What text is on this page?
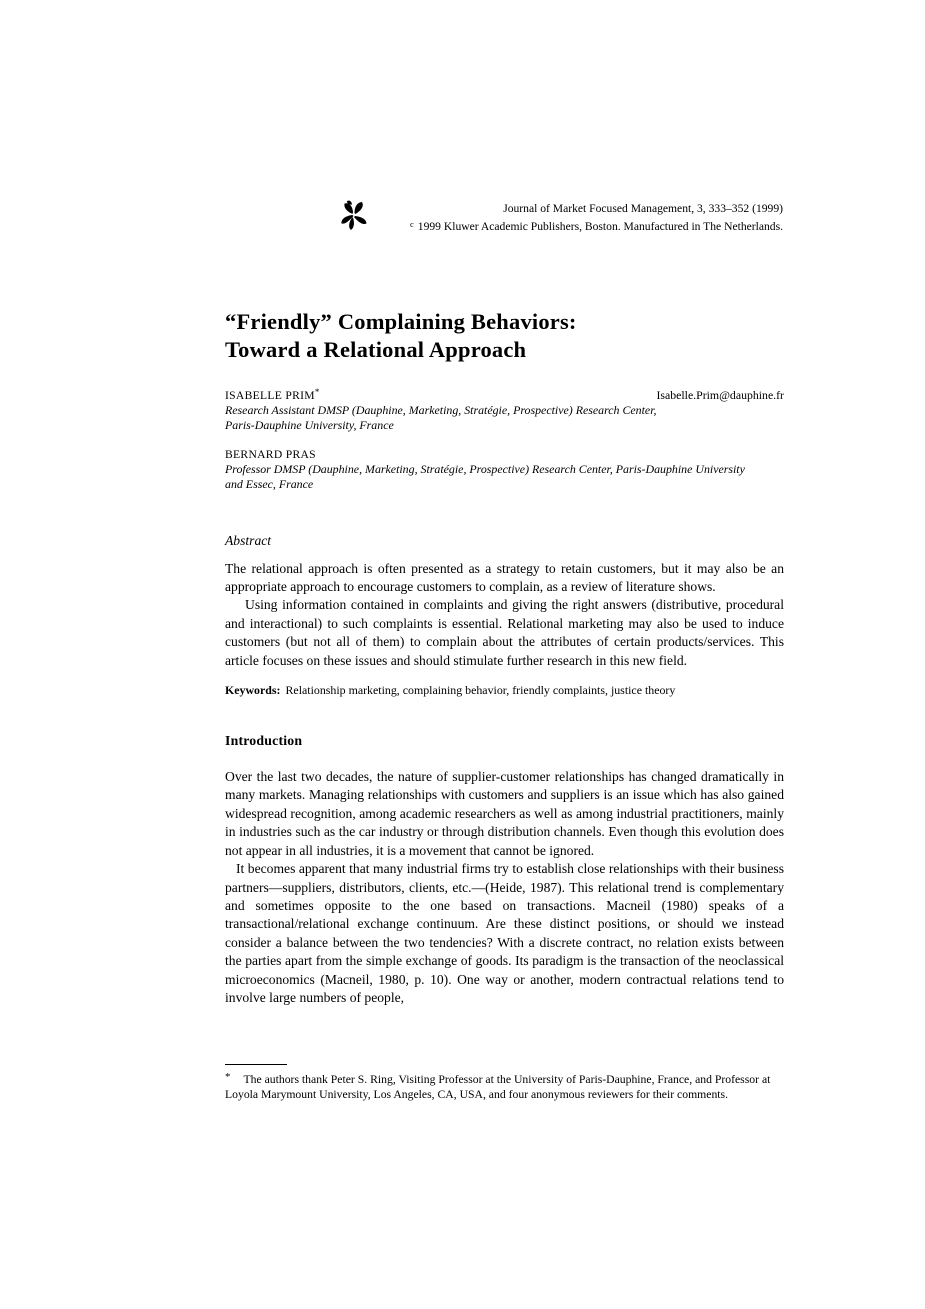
Journal of Market Focused Management, 3, 333–352 (1999)
$^c$ 1999 Kluwer Academic Publishers, Boston. Manufactured in The Netherlands.
“Friendly” Complaining Behaviors:
Toward a Relational Approach
ISABELLE PRIM*	Isabelle.Prim@dauphine.fr
Research Assistant DMSP (Dauphine, Marketing, Stratégie, Prospective) Research Center,
Paris-Dauphine University, France
BERNARD PRAS
Professor DMSP (Dauphine, Marketing, Stratégie, Prospective) Research Center, Paris-Dauphine University
and Essec, France
Abstract

The relational approach is often presented as a strategy to retain customers, but it may also be an appropriate approach to encourage customers to complain, as a review of literature shows.

Using information contained in complaints and giving the right answers (distributive, procedural and interactional) to such complaints is essential. Relational marketing may also be used to induce customers (but not all of them) to complain about the attributes of certain products/services. This article focuses on these issues and should stimulate further research in this new field.

Keywords: Relationship marketing, complaining behavior, friendly complaints, justice theory
Introduction

Over the last two decades, the nature of supplier-customer relationships has changed dramatically in many markets. Managing relationships with customers and suppliers is an issue which has also gained widespread recognition, among academic researchers as well as among industrial practitioners, mainly in industries such as the car industry or through distribution channels. Even though this evolution does not appear in all industries, it is a movement that cannot be ignored.

It becomes apparent that many industrial firms try to establish close relationships with their business partners—suppliers, distributors, clients, etc.—(Heide, 1987). This relational trend is complementary and sometimes opposite to the one based on transactions. Macneil (1980) speaks of a transactional/relational exchange continuum. Are these distinct positions, or should we instead consider a balance between the two tendencies? With a discrete contract, no relation exists between the parties apart from the simple exchange of goods. Its paradigm is the transaction of the neoclassical microeconomics (Macneil, 1980, p. 10). One way or another, modern contractual relations tend to involve large numbers of people,

* The authors thank Peter S. Ring, Visiting Professor at the University of Paris-Dauphine, France, and Professor at Loyola Marymount University, Los Angeles, CA, USA, and four anonymous reviewers for their comments.
